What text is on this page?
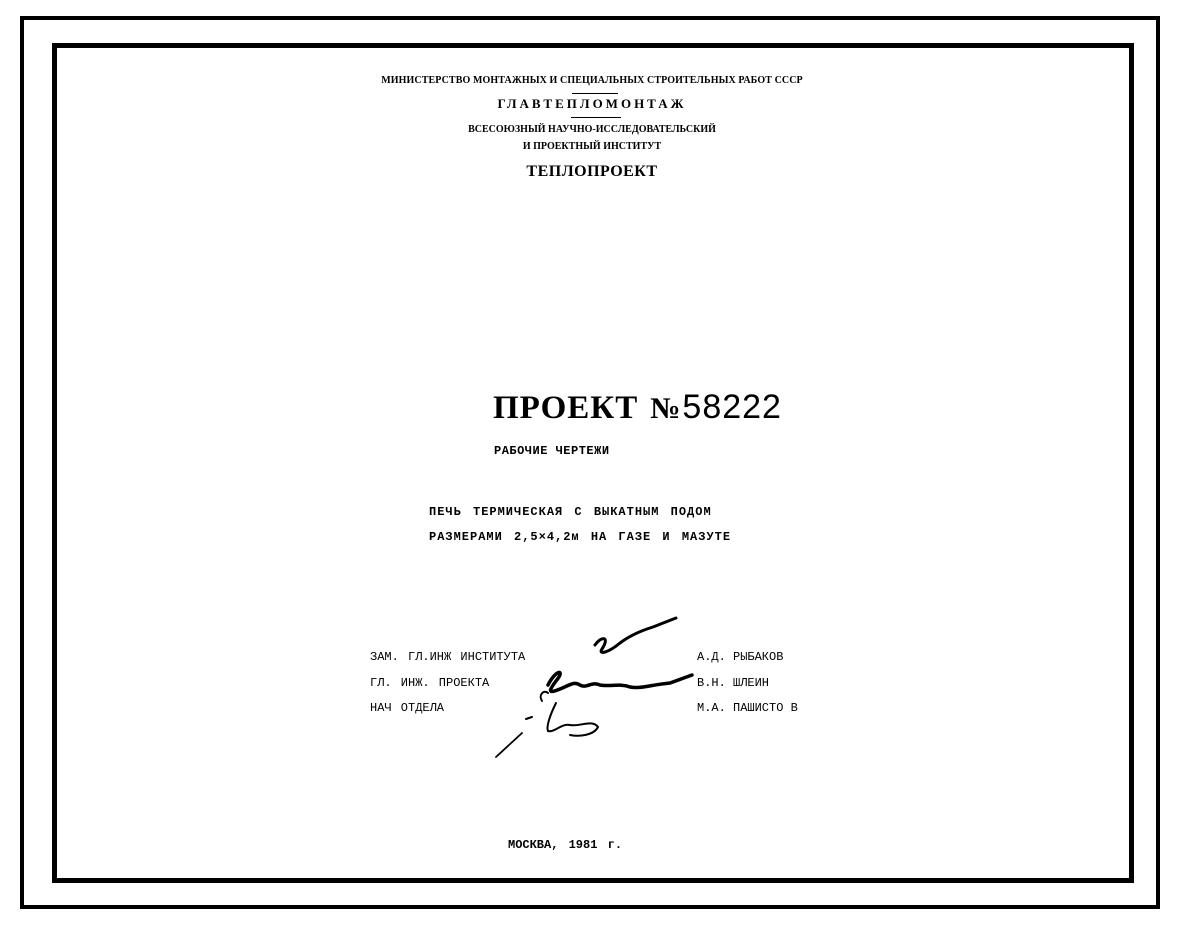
МИНИСТЕРСТВО МОНТАЖНЫХ И СПЕЦИАЛЬНЫХ СТРОИТЕЛЬНЫХ РАБОТ СССР
ГЛАВТЕПЛОМОНТАЖ
ВСЕСОЮЗНЫЙ НАУЧНО-ИССЛЕДОВАТЕЛЬСКИЙ
И ПРОЕКТНЫЙ ИНСТИТУТ
ТЕПЛОПРОЕКТ
ПРОЕКТ №58222
РАБОЧИЕ ЧЕРТЕЖИ
ПЕЧЬ ТЕРМИЧЕСКАЯ С ВЫКАТНЫМ ПОДОМ
РАЗМЕРАМИ 2,5×4,2м НА ГАЗЕ И МАЗУТЕ
ЗАМ. ГЛ.ИНЖ ИНСТИТУТА
ГЛ. ИНЖ. ПРОЕКТА
НАЧ ОТДЕЛА
А.Д. РЫБАКОВ
В.Н. ШЛЕИН
М.А. ПАШИСТО В
МОСКВА, 1981 г.
